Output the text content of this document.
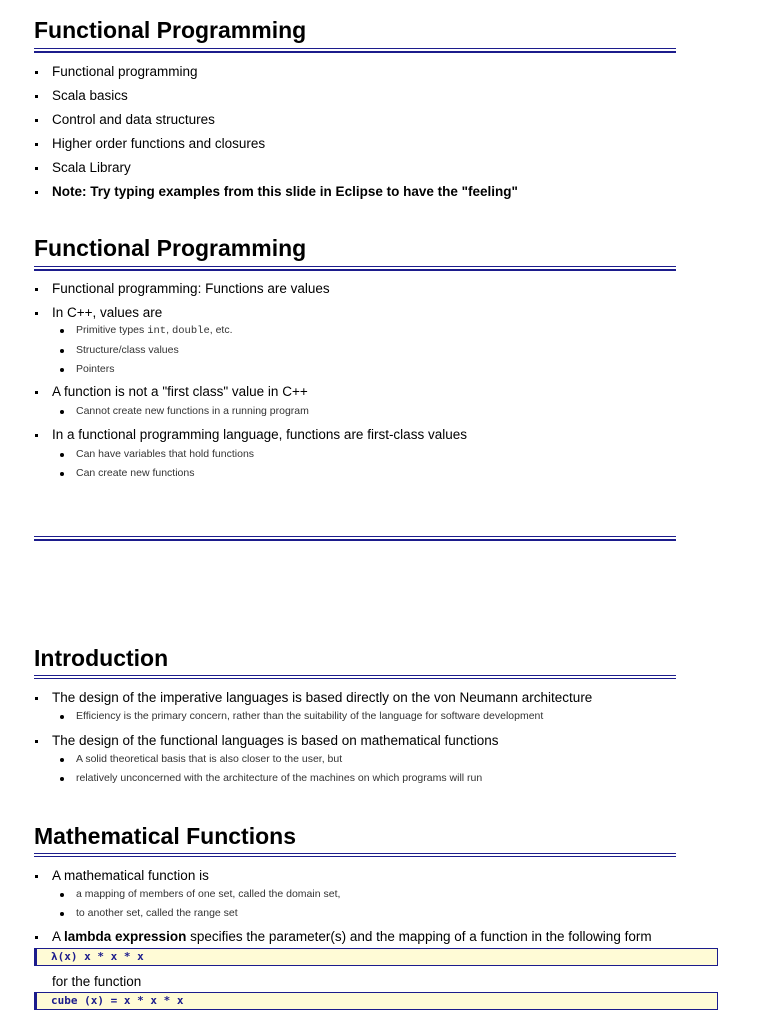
Functional Programming
Functional programming
Scala basics
Control and data structures
Higher order functions and closures
Scala Library
Note: Try typing examples from this slide in Eclipse to have the "feeling"
Functional Programming
Functional programming: Functions are values
In C++, values are
Primitive types int, double, etc.
Structure/class values
Pointers
A function is not a "first class" value in C++
Cannot create new functions in a running program
In a functional programming language, functions are first-class values
Can have variables that hold functions
Can create new functions
Introduction
The design of the imperative languages is based directly on the von Neumann architecture
Efficiency is the primary concern, rather than the suitability of the language for software development
The design of the functional languages is based on mathematical functions
A solid theoretical basis that is also closer to the user, but
relatively unconcerned with the architecture of the machines on which programs will run
Mathematical Functions
A mathematical function is
a mapping of members of one set, called the domain set,
to another set, called the range set
A lambda expression specifies the parameter(s) and the mapping of a function in the following form
λ(x) x * x * x
for the function
cube (x) = x * x * x
